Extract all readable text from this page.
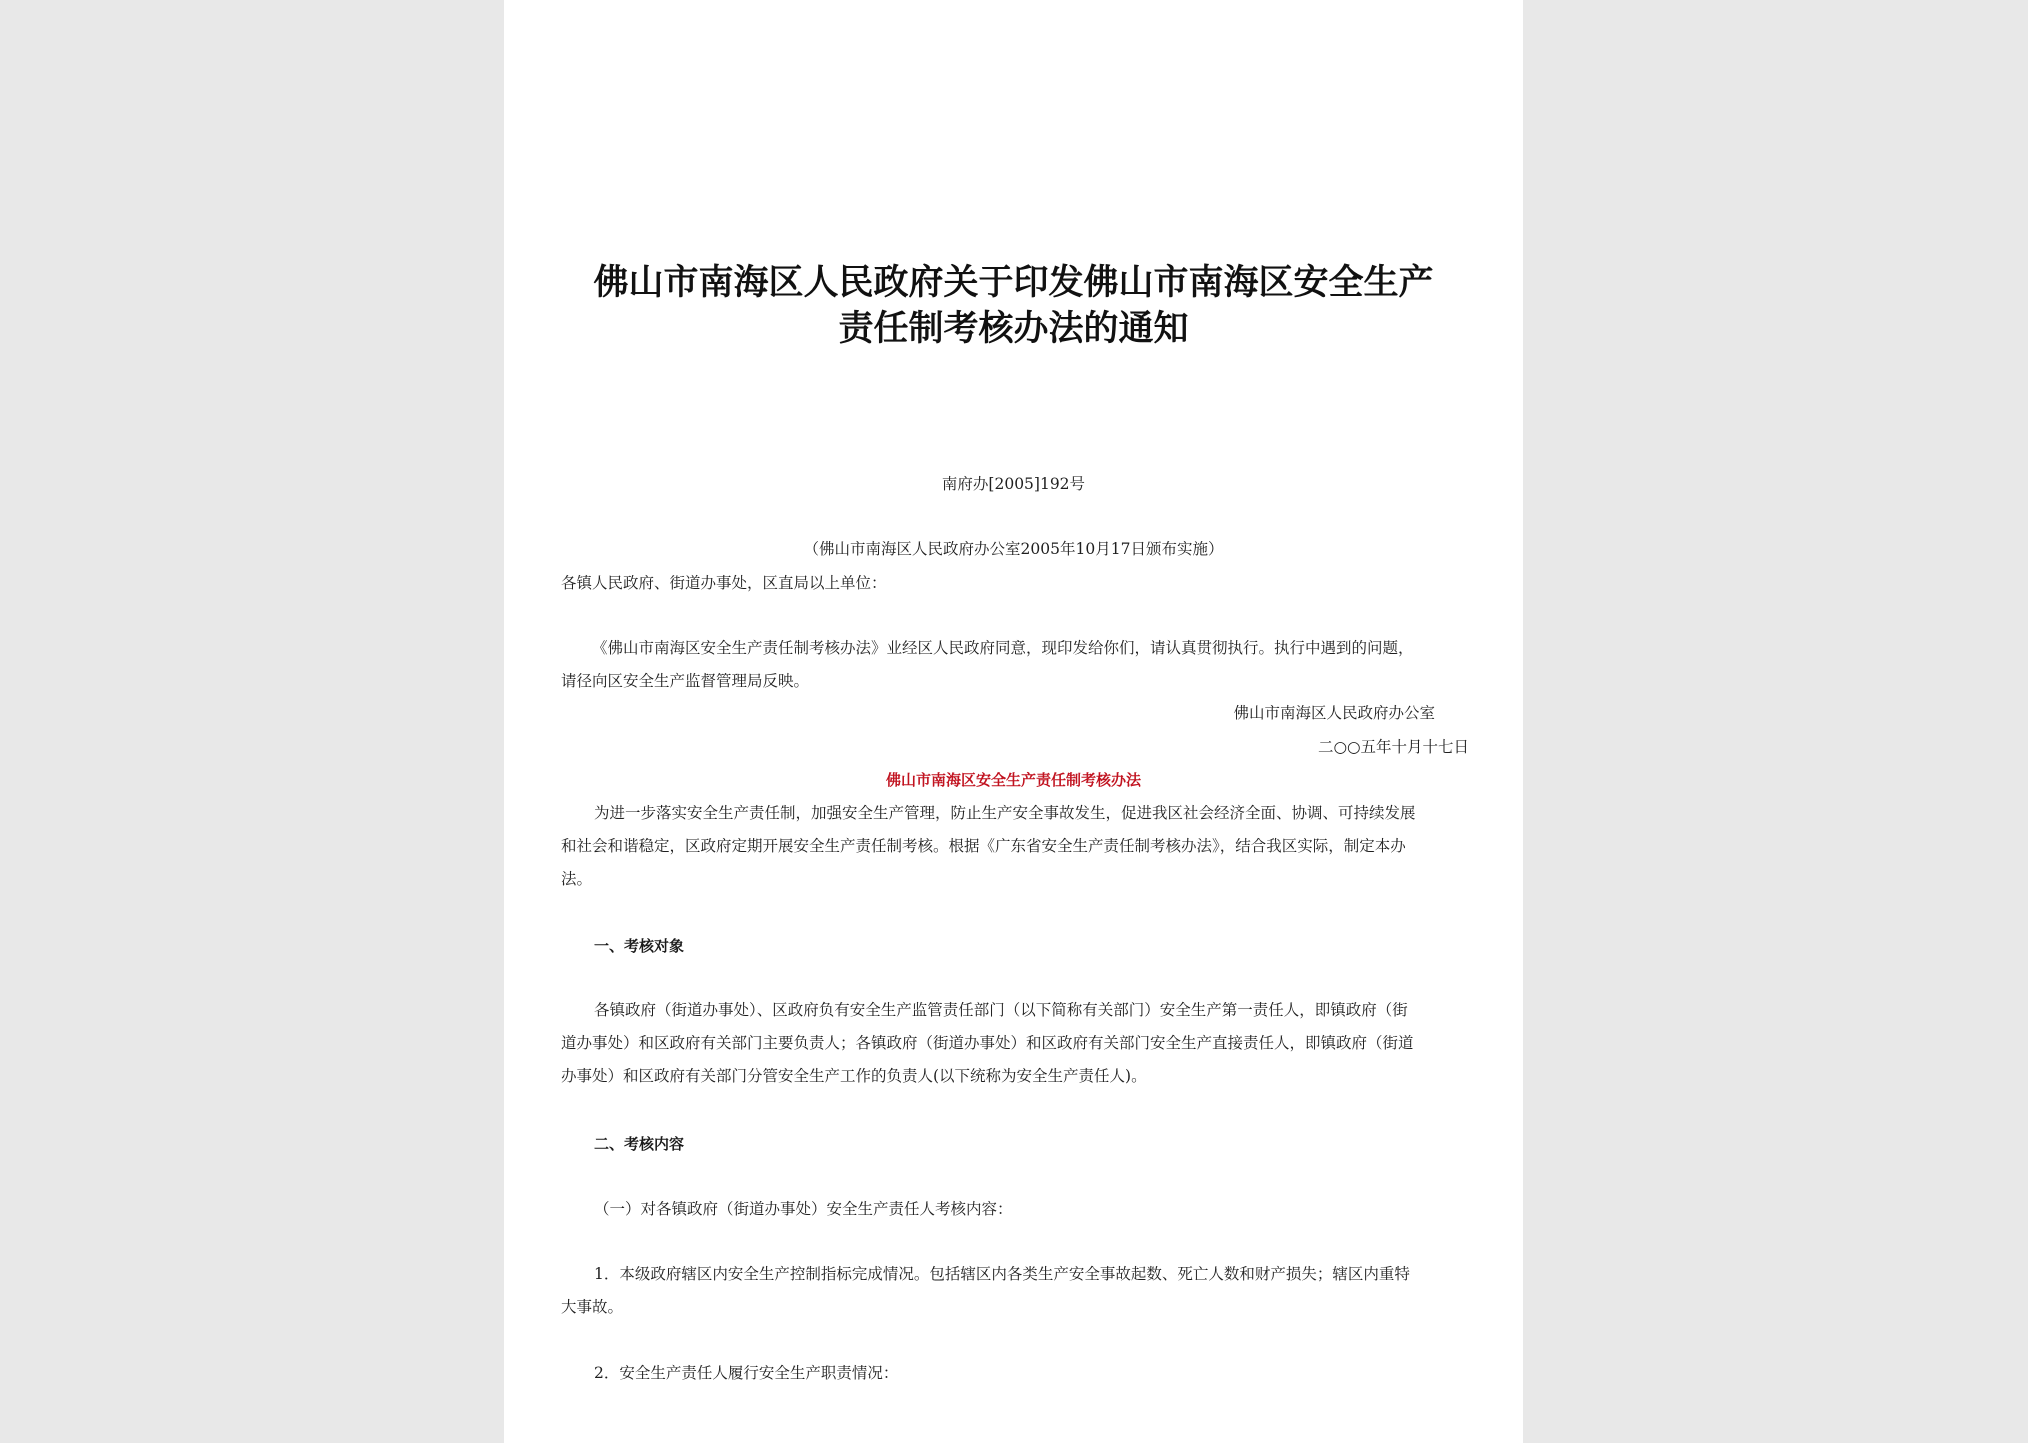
佛山市南海区人民政府关于印发佛山市南海区安全生产
责任制考核办法的通知
南府办[2005]192号
（佛山市南海区人民政府办公室2005年10月17日颁布实施）
各镇人民政府、街道办事处，区直局以上单位：
《佛山市南海区安全生产责任制考核办法》业经区人民政府同意，现印发给你们，请认真贯彻执行。执行中遇到的问题，
请径向区安全生产监督管理局反映。
佛山市南海区人民政府办公室
二○○五年十月十七日
佛山市南海区安全生产责任制考核办法
为进一步落实安全生产责任制，加强安全生产管理，防止生产安全事故发生，促进我区社会经济全面、协调、可持续发展
和社会和谐稳定，区政府定期开展安全生产责任制考核。根据《广东省安全生产责任制考核办法》，结合我区实际，制定本办
法。
一、考核对象
各镇政府（街道办事处）、区政府负有安全生产监管责任部门（以下简称有关部门）安全生产第一责任人，即镇政府（街
道办事处）和区政府有关部门主要负责人；各镇政府（街道办事处）和区政府有关部门安全生产直接责任人，即镇政府（街道
办事处）和区政府有关部门分管安全生产工作的负责人(以下统称为安全生产责任人)。
二、考核内容
（一）对各镇政府（街道办事处）安全生产责任人考核内容：
1．本级政府辖区内安全生产控制指标完成情况。包括辖区内各类生产安全事故起数、死亡人数和财产损失；辖区内重特
大事故。
2．安全生产责任人履行安全生产职责情况：
